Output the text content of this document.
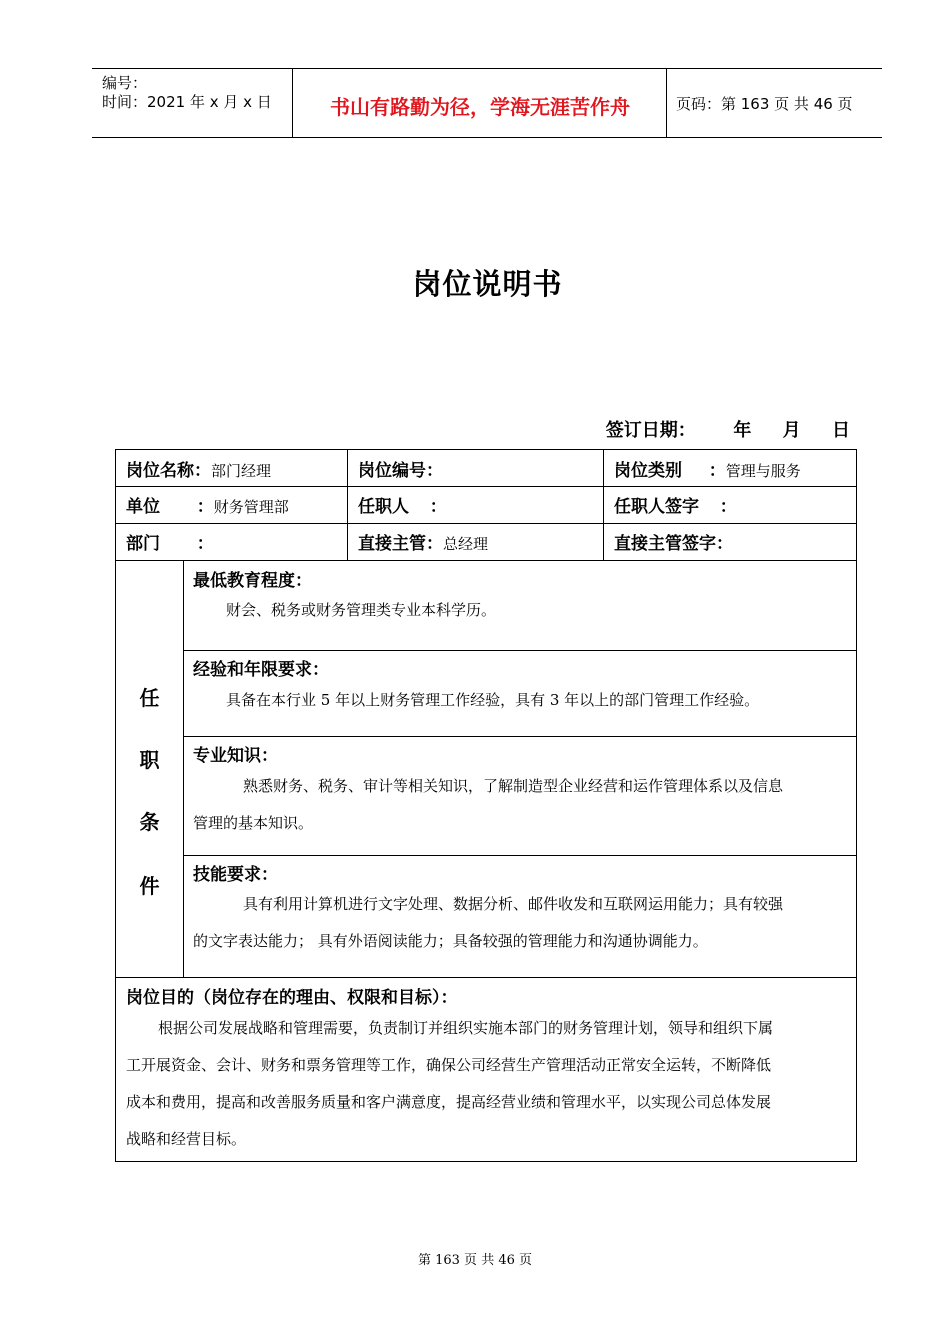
编号：
时间：2021 年 x 月 x 日	书山有路勤为径，学海无涯苦作舟	页码：第 163 页 共 46 页
岗位说明书
签订日期：      年     月     日
岗位名称：部门经理	岗位编号：	岗位类别 ：管理与服务
单位 ：财务管理部	任职人 ：	任职人签字 ：
部门 ：	直接主管：总经理	直接主管签字：
任
职
条
件
最低教育程度：
财会、税务或财务管理类专业本科学历。
经验和年限要求：
具备在本行业 5 年以上财务管理工作经验，具有 3 年以上的部门管理工作经验。
专业知识：
熟悉财务、税务、审计等相关知识，了解制造型企业经营和运作管理体系以及信息
管理的基本知识。
技能要求：
具有利用计算机进行文字处理、数据分析、邮件收发和互联网运用能力；具有较强
的文字表达能力； 具有外语阅读能力；具备较强的管理能力和沟通协调能力。
岗位目的（岗位存在的理由、权限和目标）：
根据公司发展战略和管理需要，负责制订并组织实施本部门的财务管理计划，领导和组织下属
工开展资金、会计、财务和票务管理等工作，确保公司经营生产管理活动正常安全运转，不断降低
成本和费用，提高和改善服务质量和客户满意度，提高经营业绩和管理水平，以实现公司总体发展
战略和经营目标。
第 163 页 共 46 页
